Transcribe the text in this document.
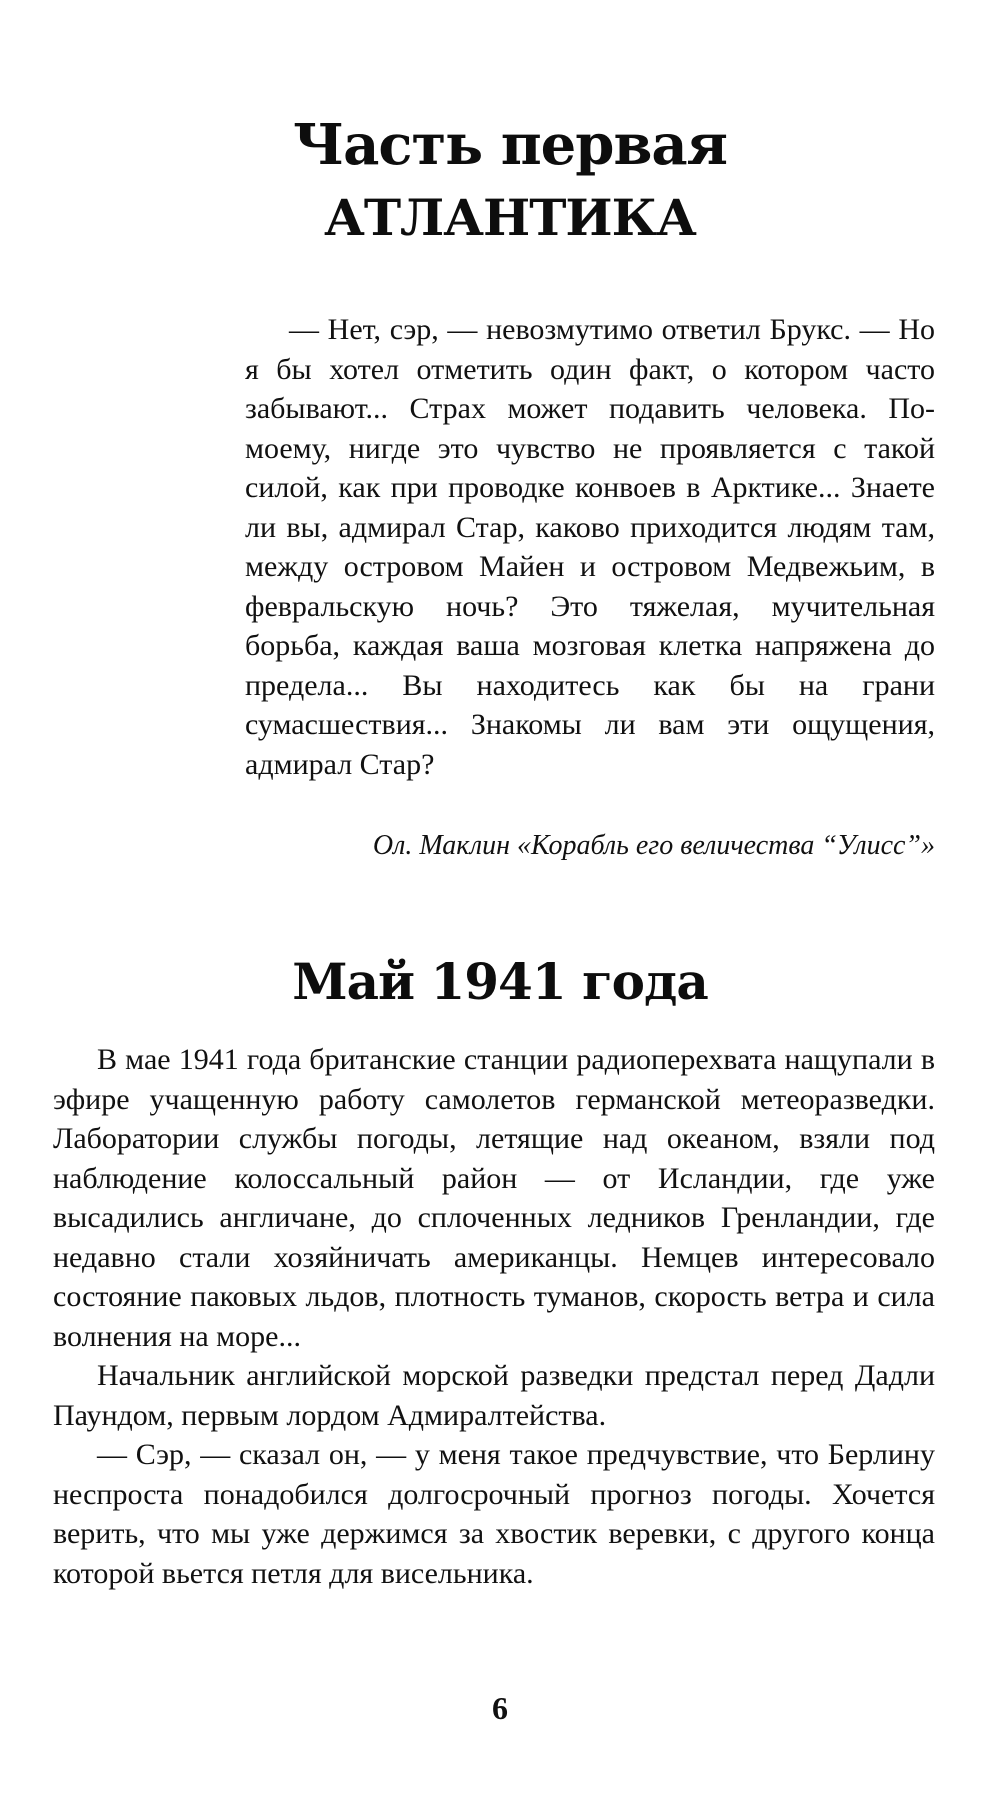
Часть первая
АТЛАНТИКА

— Нет, сэр, — невозмутимо ответил Брукс. — Но я бы хотел отметить один факт, о котором часто забывают... Страх может подавить человека. По-моему, нигде это чувство не проявляется с такой силой, как при проводке конвоев в Арктике... Знаете ли вы, адмирал Стар, каково приходится людям там, между островом Майен и островом Медвежьим, в февральскую ночь? Это тяжелая, мучительная борьба, каждая ваша мозговая клетка напряжена до предела... Вы находитесь как бы на грани сумасшествия... Знакомы ли вам эти ощущения, адмирал Стар?

Ол. Маклин «Корабль его величества “Улисс”»
Май 1941 года

В мае 1941 года британские станции радиоперехвата нащупали в эфире учащенную работу самолетов германской метеоразведки. Лаборатории службы погоды, летящие над океаном, взяли под наблюдение колоссальный район — от Исландии, где уже высадились англичане, до сплоченных ледников Гренландии, где недавно стали хозяйничать американцы. Немцев интересовало состояние паковых льдов, плотность туманов, скорость ветра и сила волнения на море...

Начальник английской морской разведки предстал перед Дадли Паундом, первым лордом Адмиралтейства.

— Сэр, — сказал он, — у меня такое предчувствие, что Берлину неспроста понадобился долгосрочный прогноз погоды. Хочется верить, что мы уже держимся за хвостик веревки, с другого конца которой вьется петля для висельника.

6
